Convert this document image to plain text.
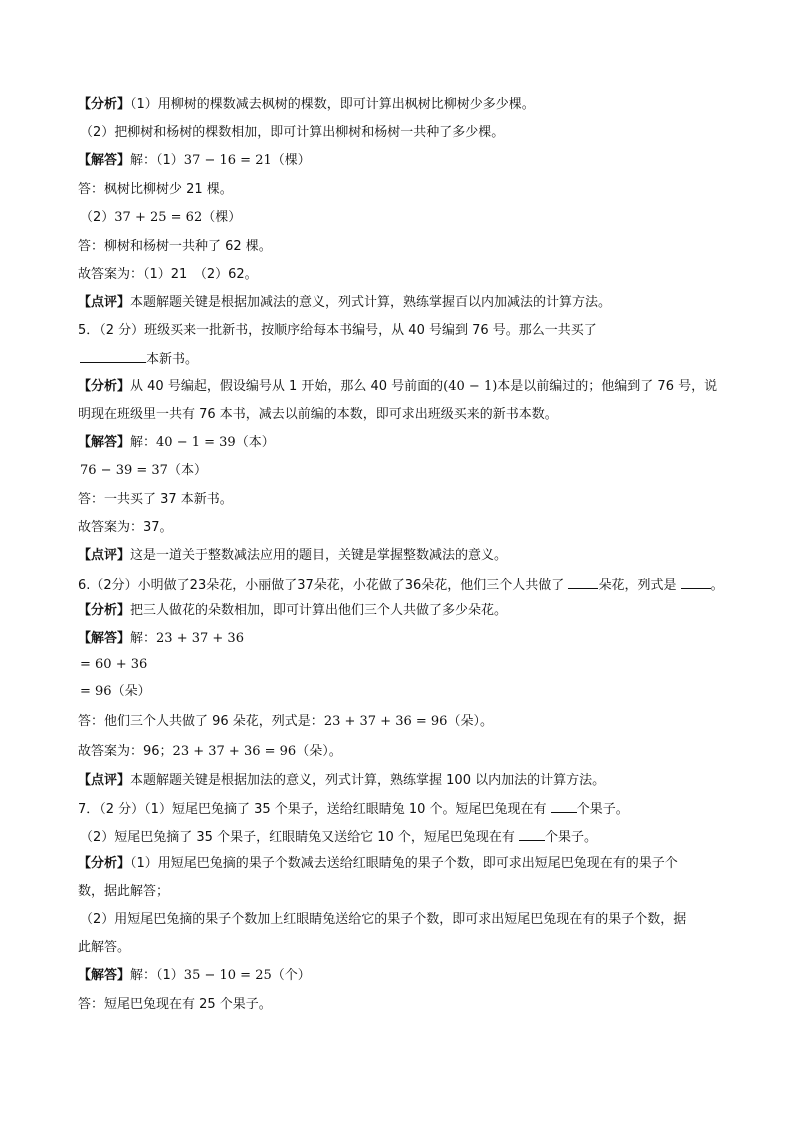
【分析】（1）用柳树的棵数减去枫树的棵数，即可计算出枫树比柳树少多少棵。

（2）把柳树和杨树的棵数相加，即可计算出柳树和杨树一共种了多少棵。

【解答】解：（1）37 − 16 = 21（棵）

答：枫树比柳树少 21 棵。

（2）37 + 25 = 62（棵）

答：柳树和杨树一共种了 62 棵。

故答案为：（1）21　（2）62。

【点评】本题解题关键是根据加减法的意义，列式计算，熟练掌握百以内加减法的计算方法。

5．（2 分）班级买来一批新书，按顺序给每本书编号，从 40 号编到 76 号。那么一共买了

本新书。

【分析】从 40 号编起，假设编号从 1 开始，那么 40 号前面的(40 − 1)本是以前编过的；他编到了 76 号，说

明现在班级里一共有 76 本书，减去以前编的本数，即可求出班级买来的新书本数。

【解答】解：40 − 1 = 39（本）

76 − 39 = 37（本）

答：一共买了 37 本新书。

故答案为：37。

【点评】这是一道关于整数减法应用的题目，关键是掌握整数减法的意义。

6.（2分）小明做了23朵花，小丽做了37朵花，小花做了36朵花，他们三个人共做了	朵花，列式是	。

【分析】把三人做花的朵数相加，即可计算出他们三个人共做了多少朵花。

【解答】解：23 + 37 + 36

= 60 + 36

= 96（朵）

答：他们三个人共做了 96 朵花，列式是：23 + 37 + 36 = 96（朵）。

故答案为：96；23 + 37 + 36 = 96（朵）。

【点评】本题解题关键是根据加法的意义，列式计算，熟练掌握 100 以内加法的计算方法。

7．（2 分）（1）短尾巴兔摘了 35 个果子，送给红眼睛兔 10 个。短尾巴兔现在有 个果子。

（2）短尾巴兔摘了 35 个果子，红眼睛兔又送给它 10 个，短尾巴兔现在有 个果子。

【分析】（1）用短尾巴兔摘的果子个数减去送给红眼睛兔的果子个数，即可求出短尾巴兔现在有的果子个

数，据此解答；

（2）用短尾巴兔摘的果子个数加上红眼睛兔送给它的果子个数，即可求出短尾巴兔现在有的果子个数，据

此解答。

【解答】解：（1）35 − 10 = 25（个）

答：短尾巴兔现在有 25 个果子。
